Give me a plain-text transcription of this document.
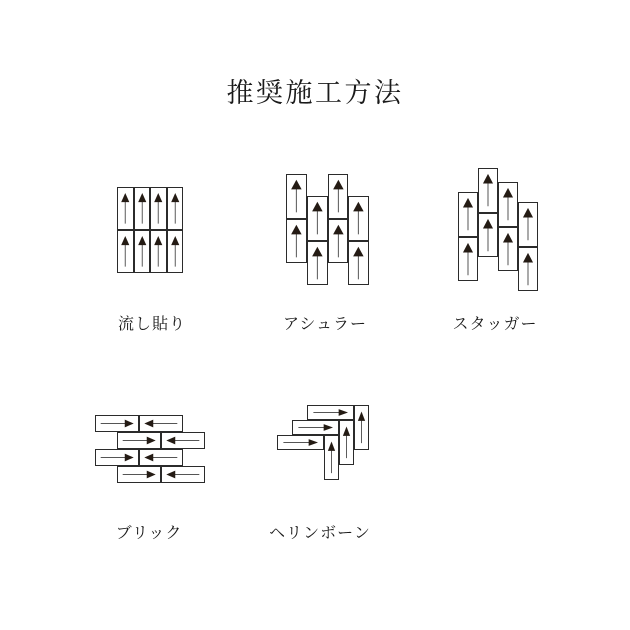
推奨施工方法
流し貼り	アシュラー	スタッガー
ブリック	ヘリンボーン
